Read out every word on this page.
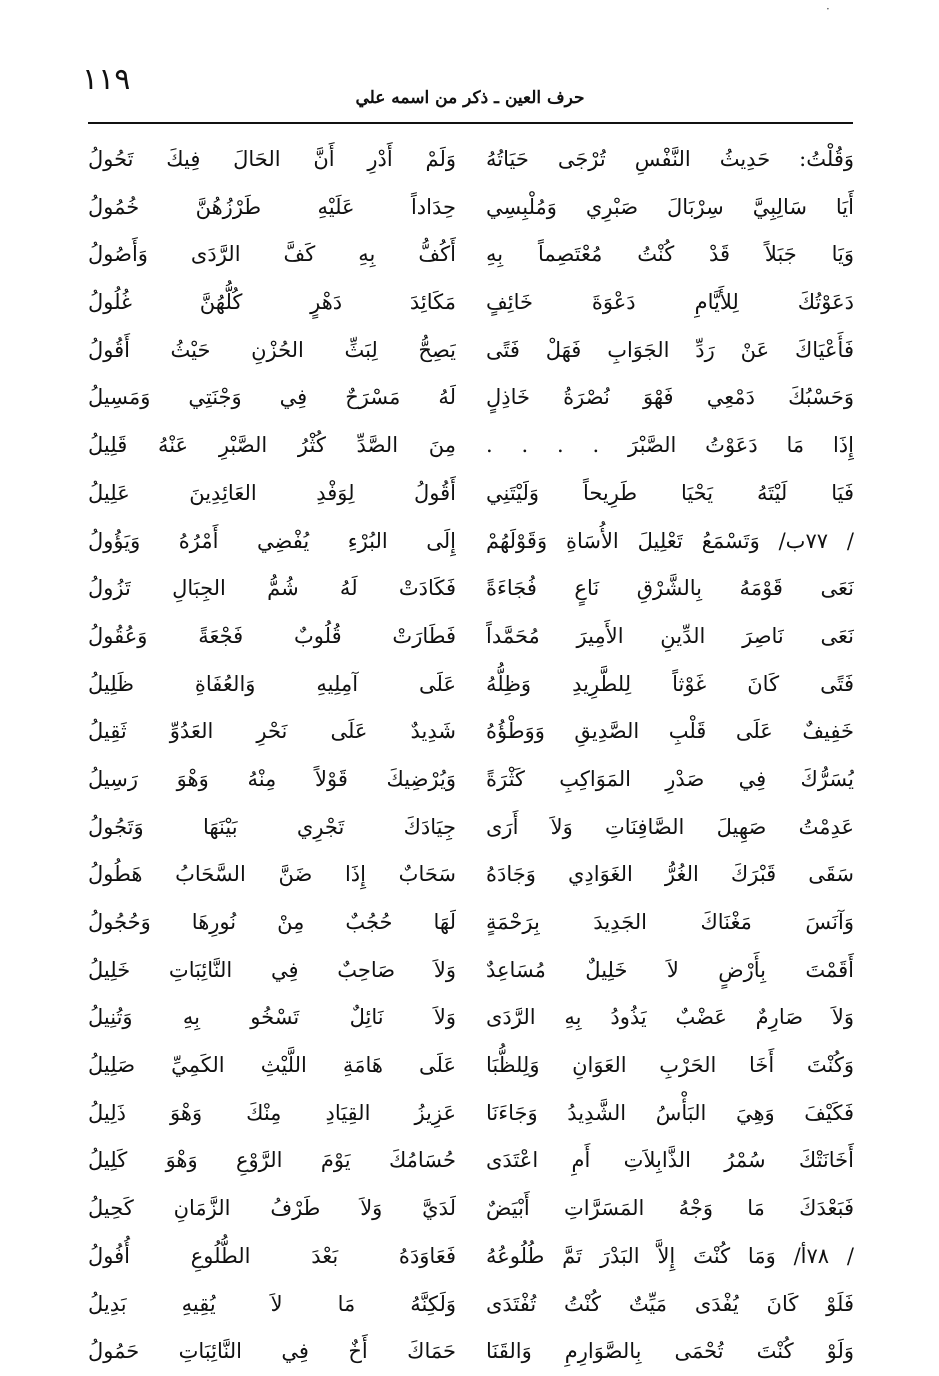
·
١١٩
حرف العين ـ ذكر من اسمه علي
وَقُلْتُ: حَدِيثُ النَّفْسِ تُرْجَى حَيَاتُهُ
أَيَا سَالِبِيَّ سِرْبَالَ صَبْرِي وَمُلْبِسِي
وَيَا جَبَلاً قَدْ كُنْتُ مُعْتَصِماً بِهِ
دَعَوْتُكَ لِلأَيَّامِ دَعْوَةَ خَائِفٍ
فَأَعْيَاكَ عَنْ رَدِّ الجَوَابِ فَهَلْ فَتًى
وَحَسْبُكَ دَمْعِي فَهْوَ نُصْرَةُ خَاذِلٍ
إِذَا مَا دَعَوْتُ الصَّبْرَ . . . .
فَيَا لَيْتَهُ يَحْيَا طَرِيحاً وَلَيْتَنِي
/ ٧٧ب/ وَتَسْمَعُ تَعْلِيلَ الأُسَاةِ وَقَوْلَهُمْ
نَعَى قَوْمَهُ بِالشَّرْقِ نَاعٍ فُجَاءَةً
نَعَى نَاصِرَ الدِّينِ الأَمِيرَ مُحَمَّداً
فَتًى كَانَ غَوْثاً لِلطَّرِيدِ وَظِلُّهُ
خَفِيفٌ عَلَى قَلْبِ الصَّدِيقِ وَوَطْؤُهُ
يُسَرُّكَ فِي صَدْرِ المَوَاكِبِ كَثْرَةً
عَدِمْتُ صَهِيلَ الصَّافِنَاتِ وَلاَ أَرَى
سَقَى قَبْرَكَ الغُرُّ الغَوَادِي وَجَادَهُ
وَآنَسَ مَغْنَاكَ الجَدِيدَ بِرَحْمَةٍ
أَقَمْتَ بِأَرْضٍ لاَ خَلِيلٌ مُسَاعِدٌ
وَلاَ صَارِمٌ عَضْبٌ يَذُودُ بِهِ الرَّدَى
وَكُنْتَ أَخَا الحَرْبِ العَوَانِ وَلِلظُّبَا
فَكَيْفَ وَهِيَ البَأْسُ الشَّدِيدُ وَجَاءَنَا
أَخَانَتْكَ سُمْرُ الذَّابِلاَتِ أَمِ اعْتَدَى
فَبَعْدَكَ مَا وَجْهُ المَسَرَّاتِ أَبْيَضٌ
/ ٧٨أ/ وَمَا كُنْتَ إِلاَّ البَدْرَ تَمَّ طُلُوعُهُ
فَلَوْ كَانَ يُفْدَى مَيِّتٌ كُنْتُ تُفْتَدَى
وَلَوْ كُنْتَ تُحْمَى بِالصَّوَارِمِ وَالقَنَا
وَلَمْ أَدْرِ أَنَّ الحَالَ فِيكَ تَحُولُ
حِدَاداً عَلَيْهِ طَرْزُهُنَّ خُمُولُ
أَكُفُّ بِهِ كَفَّ الرَّدَى وَأَصُولُ
مَكَائِدَ دَهْرٍ كُلُّهُنَّ غُلُولُ
يَصِحُّ لِبَثِّ الحُزْنِ حَيْثُ أَقُولُ
لَهُ مَسْرَحٌ فِي وَجْنَتِي وَمَسِيلُ
مِنَ الصَّدِّ كُثْرُ الصَّبْرِ عَنْهُ قَلِيلُ
أَقُولُ لِوَفْدِ العَائِدِينَ عَلِيلُ
إِلَى البُرْءِ يُفْضِي أَمْرُهُ وَيَؤُولُ
فَكَادَتْ لَهُ شُمُّ الجِبَالِ تَزُولُ
فَطَارَتْ قُلُوبٌ فَجْعَةً وَعُقُولُ
عَلَى آمِلِيهِ وَالعُفَاةِ ظَلِيلُ
شَدِيدٌ عَلَى نَحْرِ العَدُوِّ ثَقِيلُ
وَيُرْضِيكَ قَوْلاً مِنْهُ وَهْوَ رَسِيلُ
جِيَادَكَ تَجْرِي بَيْنَهَا وَتَجُولُ
سَحَابٌ إِذَا ضَنَّ السَّحَابُ هَطُولُ
لَهَا حُجُبٌ مِنْ نُورِهَا وَحُجُولُ
وَلاَ صَاحِبٌ فِي النَّائِبَاتِ خَلِيلُ
وَلاَ نَائِلٌ تَسْخُو بِهِ وَتُنِيلُ
عَلَى هَامَةِ اللَّيْثِ الكَمِيِّ صَلِيلُ
عَزِيزُ القِيَادِ مِنْكَ وَهْوَ ذَلِيلُ
حُسَامُكَ يَوْمَ الرَّوْعِ وَهْوَ كَلِيلُ
لَدَيَّ وَلاَ طَرْفُ الزَّمَانِ كَحِيلُ
فَعَاوَدَهُ بَعْدَ الطُّلُوعِ أُفُولُ
وَلَكِنَّهُ مَا لاَ يُقِيهِ بَدِيلُ
حَمَاكَ أَخٌ فِي النَّائِبَاتِ حَمُولُ
